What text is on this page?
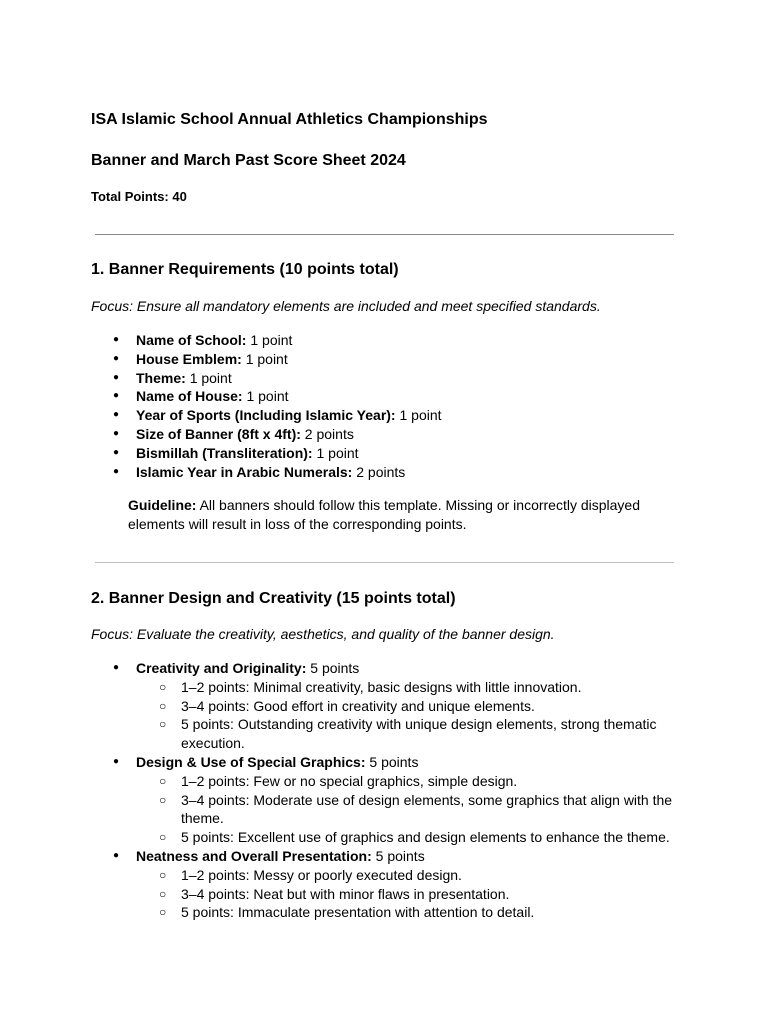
ISA Islamic School Annual Athletics Championships
Banner and March Past Score Sheet 2024

Total Points: 40

1. Banner Requirements (10 points total)

Focus: Ensure all mandatory elements are included and meet specified standards.

● Name of School: 1 point
● House Emblem: 1 point
● Theme: 1 point
● Name of House: 1 point
● Year of Sports (Including Islamic Year): 1 point
● Size of Banner (8ft x 4ft): 2 points
● Bismillah (Transliteration): 1 point
● Islamic Year in Arabic Numerals: 2 points

Guideline: All banners should follow this template. Missing or incorrectly displayed elements will result in loss of the corresponding points.

2. Banner Design and Creativity (15 points total)

Focus: Evaluate the creativity, aesthetics, and quality of the banner design.

● Creativity and Originality: 5 points
○ 1–2 points: Minimal creativity, basic designs with little innovation.
○ 3–4 points: Good effort in creativity and unique elements.
○ 5 points: Outstanding creativity with unique design elements, strong thematic execution.
● Design & Use of Special Graphics: 5 points
○ 1–2 points: Few or no special graphics, simple design.
○ 3–4 points: Moderate use of design elements, some graphics that align with the theme.
○ 5 points: Excellent use of graphics and design elements to enhance the theme.
● Neatness and Overall Presentation: 5 points
○ 1–2 points: Messy or poorly executed design.
○ 3–4 points: Neat but with minor flaws in presentation.
○ 5 points: Immaculate presentation with attention to detail.
